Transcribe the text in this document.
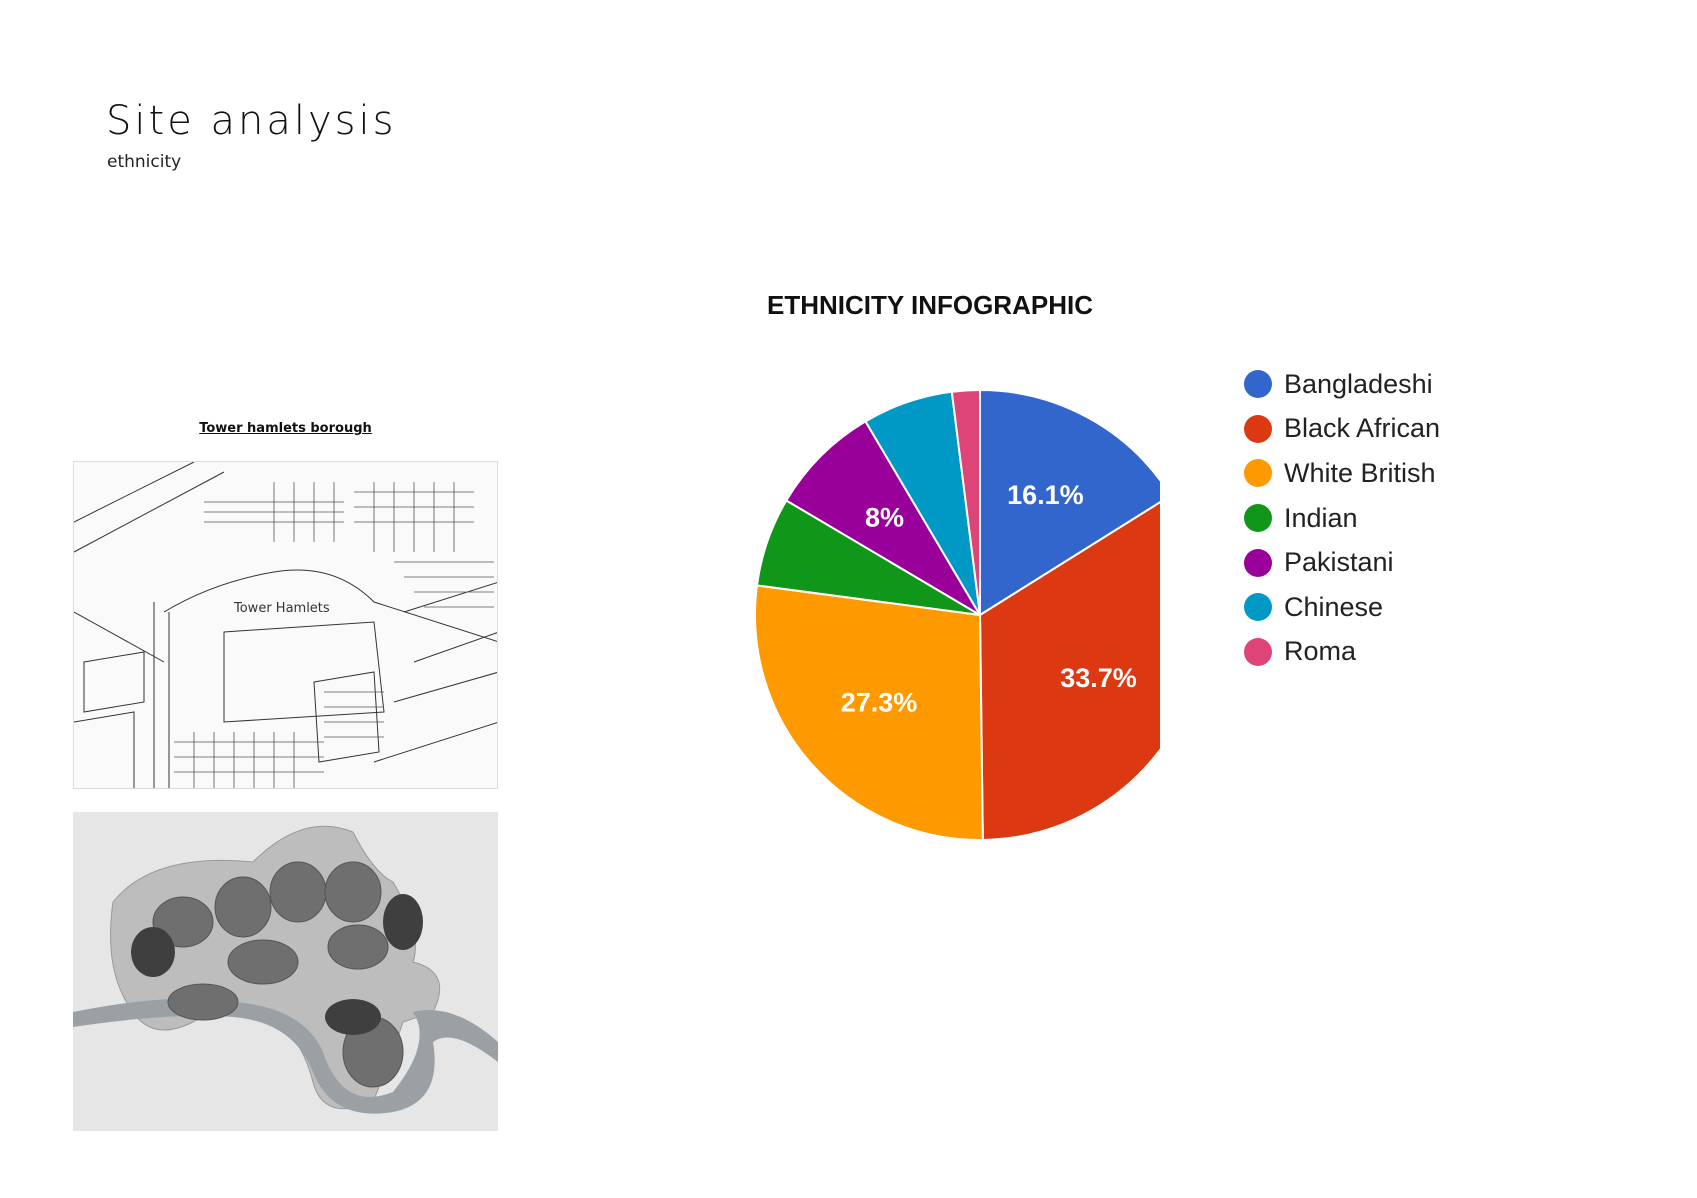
Site analysis
ethnicity
Tower hamlets borough
Tower Hamlets
ETHNICITY INFOGRAPHIC
16.1%
33.7%
27.3%
8%
Bangladeshi
Black African
White British
Indian
Pakistani
Chinese
Roma
